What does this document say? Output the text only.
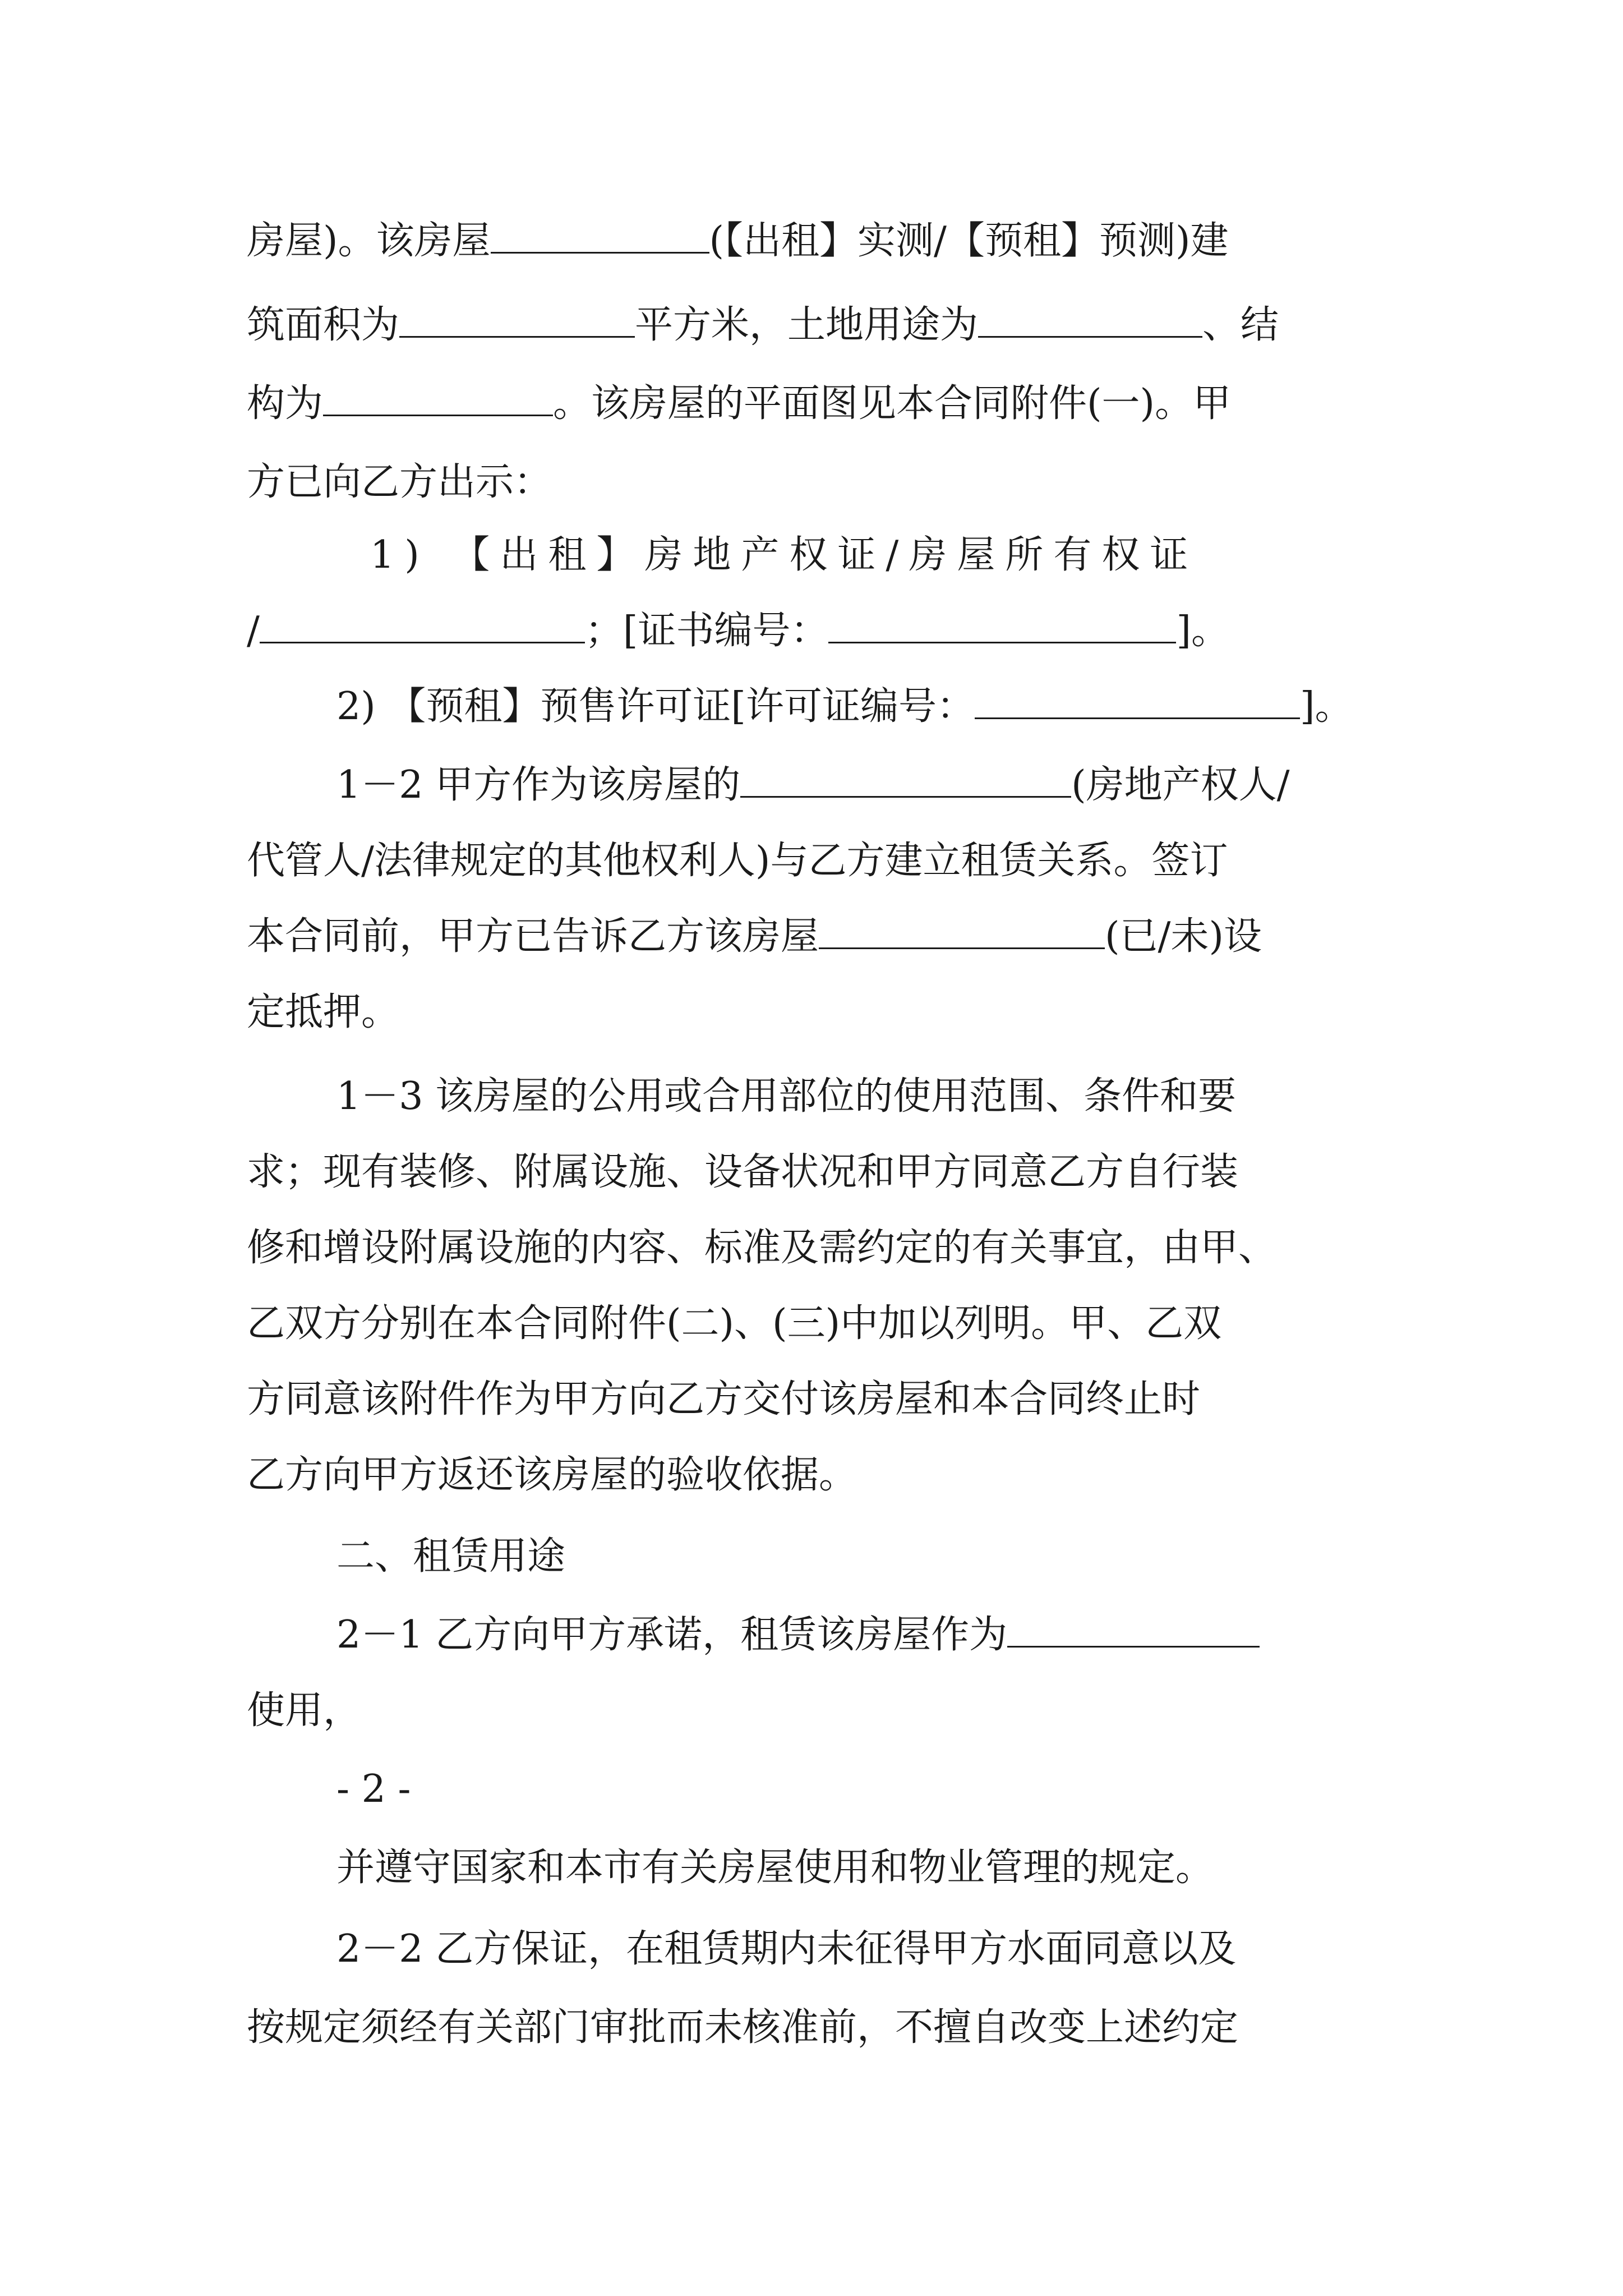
房屋)。该房屋	(【出租】实测/【预租】预测)建
筑面积为	平方米，土地用途为	、结
构为	。该房屋的平面图见本合同附件(一)。甲
方已向乙方出示：
1) 【出租】房地产权证/房屋所有权证
/	；[证书编号：	]。
2) 【预租】预售许可证[许可证编号：	]。
1－2 甲方作为该房屋的	(房地产权人/
代管人/法律规定的其他权利人)与乙方建立租赁关系。签订
本合同前，甲方已告诉乙方该房屋	(已/未)设
定抵押。
1－3 该房屋的公用或合用部位的使用范围、条件和要
求；现有装修、附属设施、设备状况和甲方同意乙方自行装
修和增设附属设施的内容、标准及需约定的有关事宜，由甲、
乙双方分别在本合同附件(二)、(三)中加以列明。甲、乙双
方同意该附件作为甲方向乙方交付该房屋和本合同终止时
乙方向甲方返还该房屋的验收依据。
二、租赁用途
2－1 乙方向甲方承诺，租赁该房屋作为
使用，
- 2 -
并遵守国家和本市有关房屋使用和物业管理的规定。
2－2 乙方保证，在租赁期内未征得甲方水面同意以及
按规定须经有关部门审批而未核准前，不擅自改变上述约定
